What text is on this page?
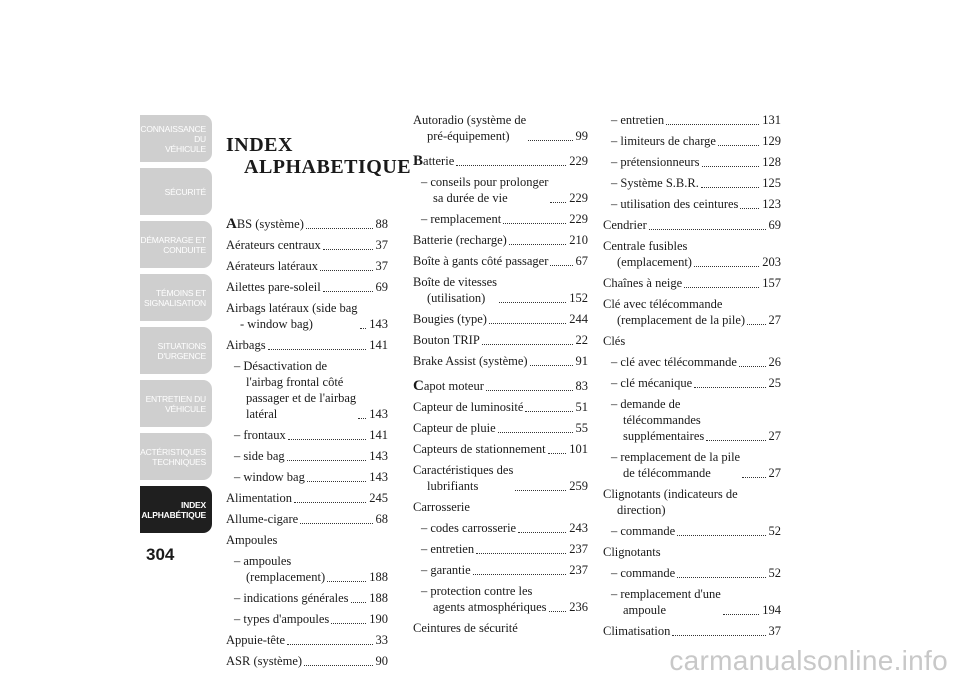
CONNAISSANCE DU
VÉHICULE
SÉCURITÉ
DÉMARRAGE ET
CONDUITE
TÉMOINS ET
SIGNALISATION
SITUATIONS
D'URGENCE
ENTRETIEN DU
VÉHICULE
CARACTÉRISTIQUES
TECHNIQUES
INDEX
ALPHABÉTIQUE
304

INDEX

ALPHABETIQUE

ABS (système)	88
Aérateurs centraux	37
Aérateurs latéraux	37
Ailettes pare-soleil	69
Airbags latéraux (side bag
- window bag)	143
Airbags	141
– Désactivation de
l'airbag frontal côté
passager et de l'airbag
latéral	143
– frontaux	141
– side bag	143
– window bag	143
Alimentation	245
Allume-cigare	68
Ampoules
– ampoules
(remplacement)	188
– indications générales 188
– types d'ampoules	190
Appuie-tête	33
ASR (système)	90
Autoradio (système de
pré-équipement)	99
Batterie	229
– conseils pour prolonger
sa durée de vie	229
– remplacement	229
Batterie (recharge)	210
Boîte à gants côté passager 67
Boîte de vitesses
(utilisation)	152
Bougies (type)	244
Bouton TRIP	22
Brake Assist (système)	91
Capot moteur	83
Capteur de luminosité	51
Capteur de pluie	55
Capteurs de stationnement 101
Caractéristiques des
lubrifiants	259
Carrosserie
– codes carrosserie	243
– entretien	237
– garantie	237
– protection contre les
agents atmosphériques 236
Ceintures de sécurité
– entretien	131
– limiteurs de charge	129
– prétensionneurs	128
– Système S.B.R.	125
– utilisation des ceintures 123
Cendrier	69
Centrale fusibles
(emplacement)	203
Chaînes à neige	157
Clé avec télécommande
(remplacement de la pile) 27
Clés
– clé avec télécommande	26
– clé mécanique	25
– demande de
télécommandes
supplémentaires	27
– remplacement de la pile
de télécommande	27
Clignotants (indicateurs de
direction)
– commande	52
Clignotants
– commande	52
– remplacement d'une
ampoule	194
Climatisation	37
carmanualsonline.info
